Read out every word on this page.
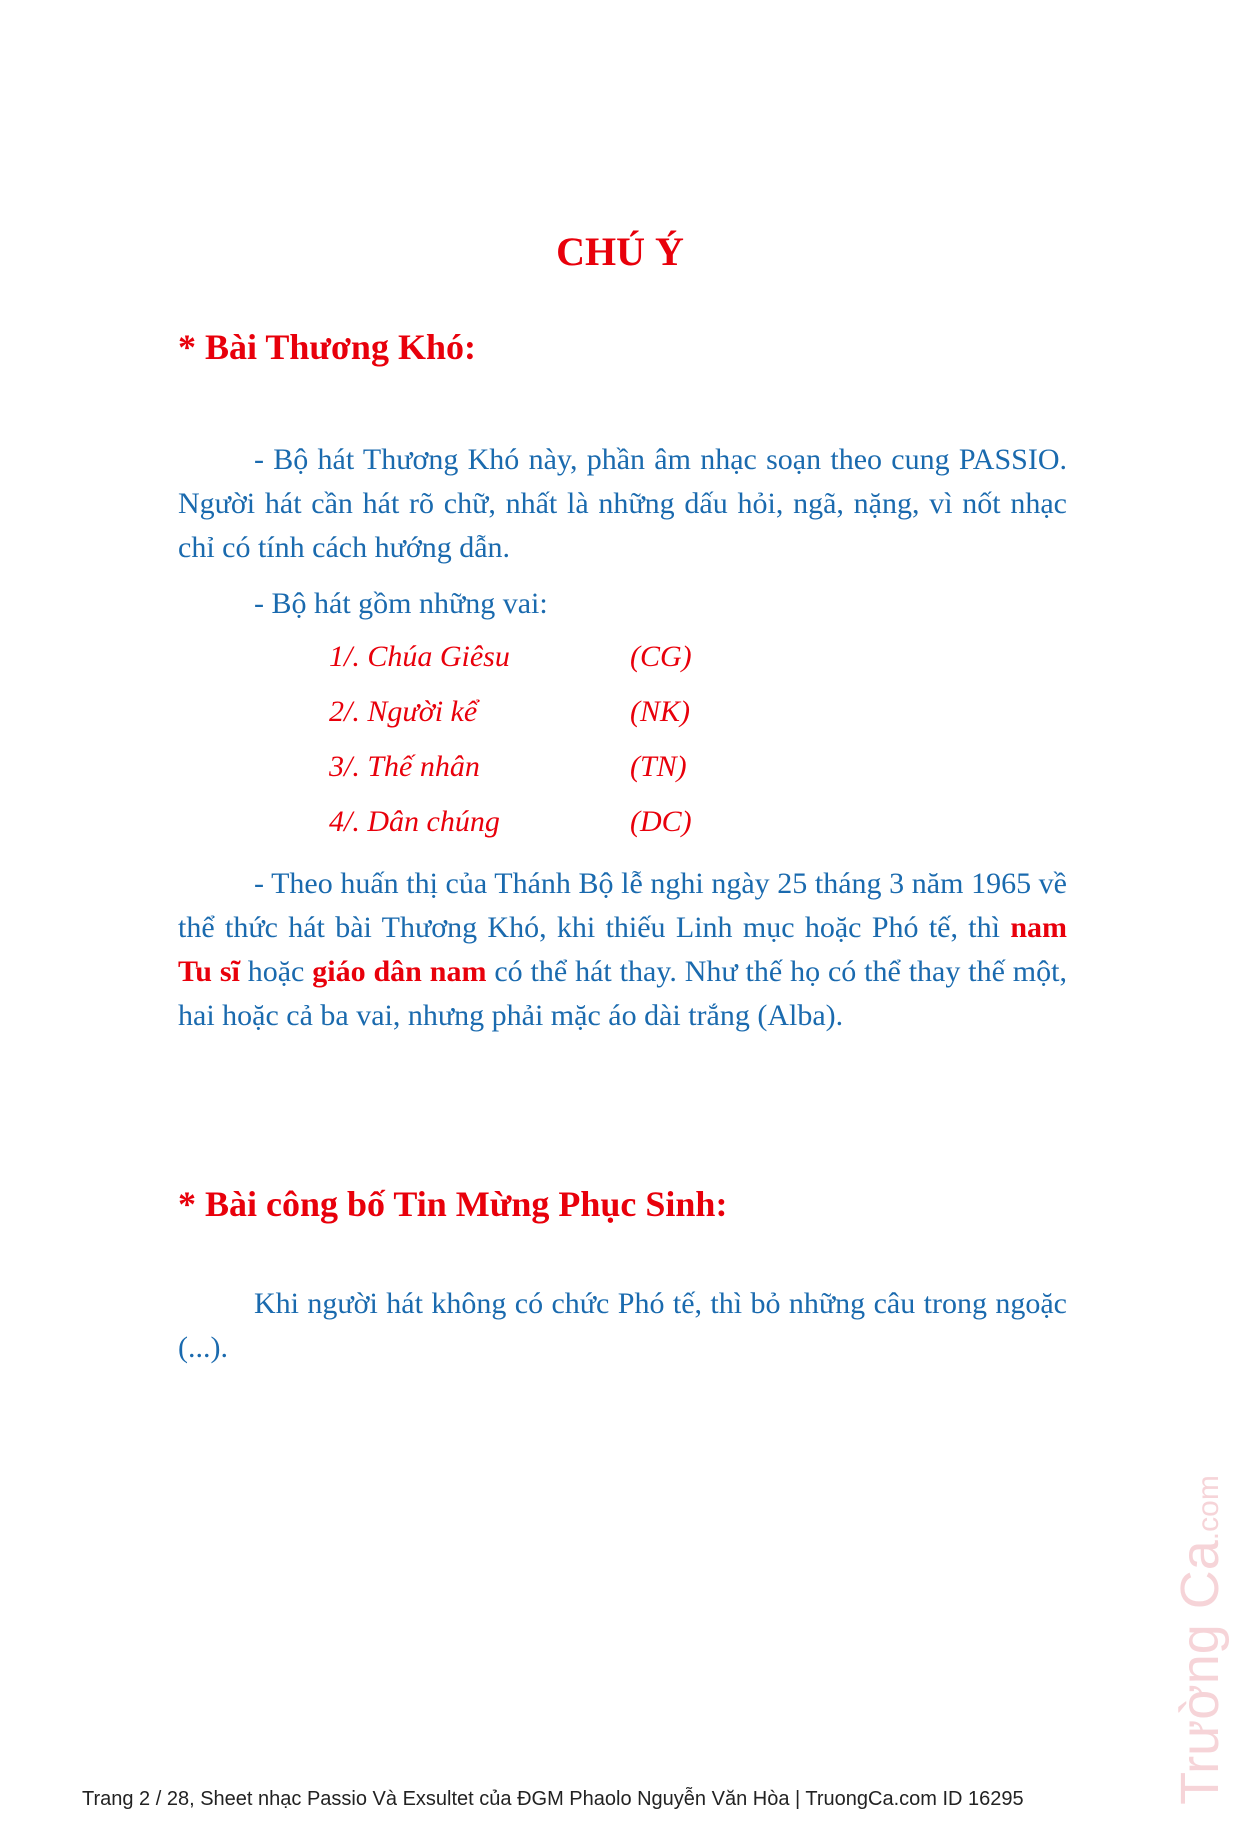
CHÚ Ý
* Bài Thương Khó:
- Bộ hát Thương Khó này, phần âm nhạc soạn theo cung PASSIO. Người hát cần hát rõ chữ, nhất là những dấu hỏi, ngã, nặng, vì nốt nhạc chỉ có tính cách hướng dẫn.
- Bộ hát gồm những vai:
1/. Chúa Giêsu	(CG)
2/. Người kể	(NK)
3/. Thế nhân	(TN)
4/. Dân chúng	(DC)
- Theo huấn thị của Thánh Bộ lễ nghi ngày 25 tháng 3 năm 1965 về thể thức hát bài Thương Khó, khi thiếu Linh mục hoặc Phó tế, thì nam Tu sĩ hoặc giáo dân nam có thể hát thay. Như thế họ có thể thay thế một, hai hoặc cả ba vai, nhưng phải mặc áo dài trắng (Alba).
* Bài công bố Tin Mừng Phục Sinh:
Khi người hát không có chức Phó tế, thì bỏ những câu trong ngoặc (...).
Trang 2 / 28, Sheet nhạc Passio Và Exsultet của ĐGM Phaolo Nguyễn Văn Hòa | TruongCa.com ID 16295	Trường Ca.com
